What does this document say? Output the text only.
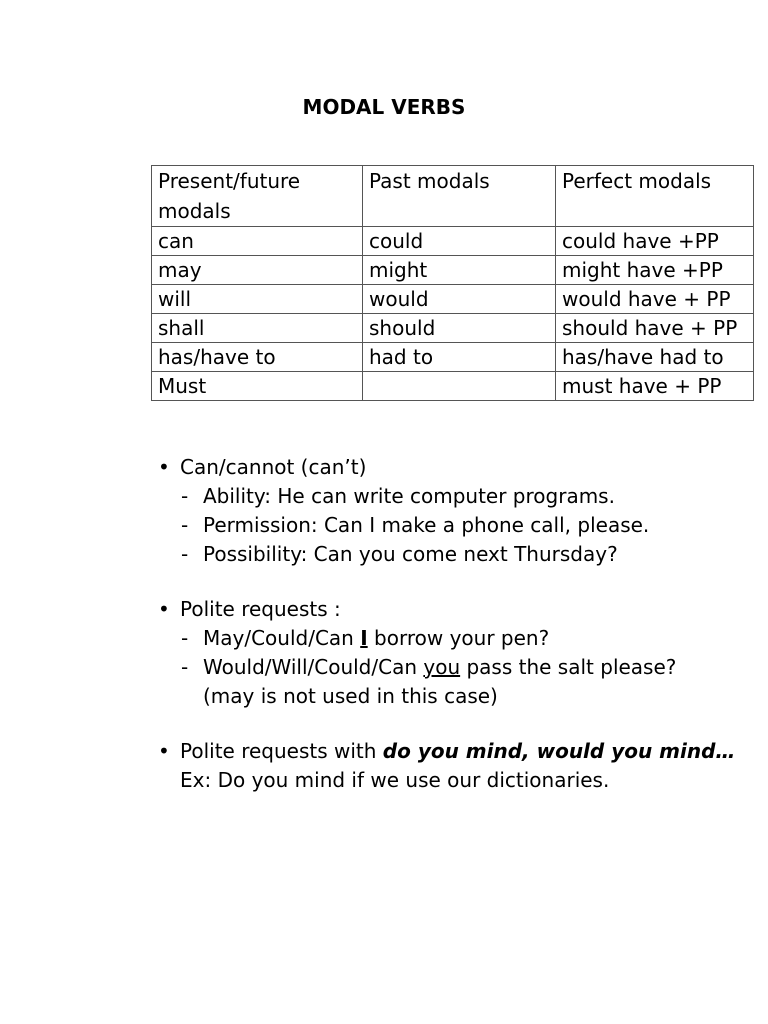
MODAL VERBS
Present/future modals	Past modals	Perfect modals
can	could	could have +PP
may	might	might have +PP
will	would	would have + PP
shall	should	should have + PP
has/have to	had to	has/have had to
Must		must have + PP
• Can/cannot (can’t)
- Ability: He can write computer programs.
- Permission: Can I make a phone call, please.
- Possibility: Can you come next Thursday?
• Polite requests :
- May/Could/Can I borrow your pen?
- Would/Will/Could/Can you pass the salt please?
(may is not used in this case)
• Polite requests with do you mind, would you mind…
Ex: Do you mind if we use our dictionaries.
